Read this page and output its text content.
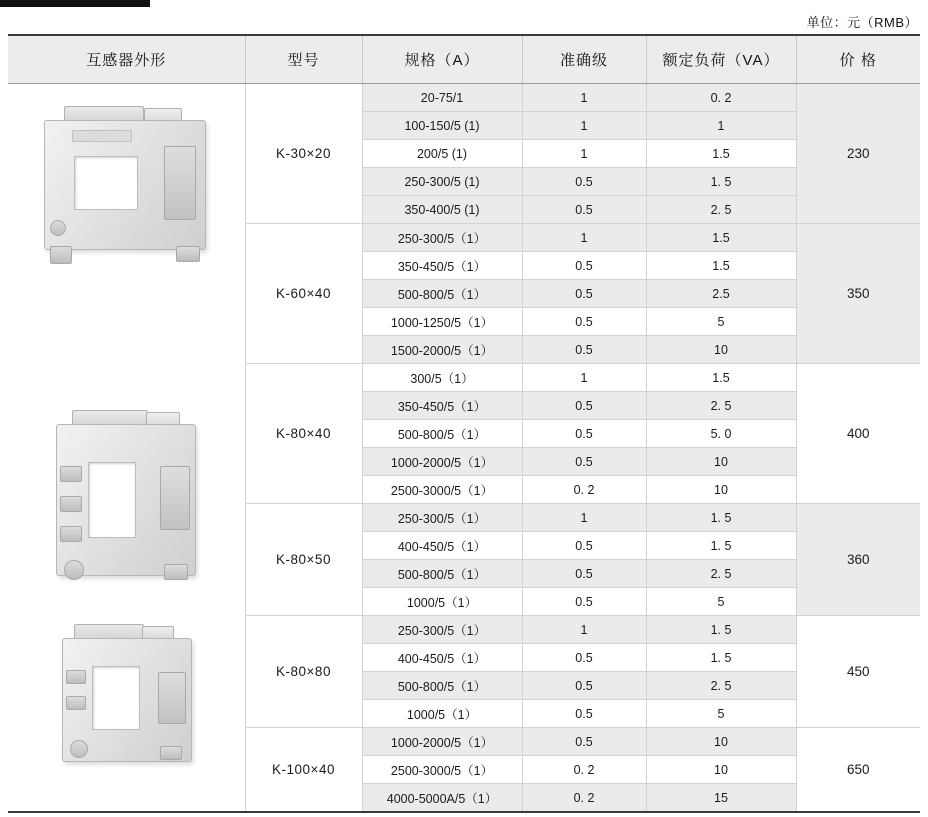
单位：元（RMB）
互感器外形	型号	规格（A）	准确级	额定负荷（VA）	价 格

	K-30×20	20-75/1	1	0. 2	230
		100-150/5 (1)	1	1	
		200/5 (1)	1	1.5	
		250-300/5 (1)	0.5	1. 5	
		350-400/5 (1)	0.5	2. 5	
	K-60×40	250-300/5（1）	1	1.5	350
		350-450/5（1）	0.5	1.5	
		500-800/5（1）	0.5	2.5	
		1000-1250/5（1）	0.5	5	
		1500-2000/5（1）	0.5	10	
	K-80×40	300/5（1）	1	1.5	400
		350-450/5（1）	0.5	2. 5	
		500-800/5（1）	0.5	5. 0	
		1000-2000/5（1）	0.5	10	
		2500-3000/5（1）	0. 2	10	
	K-80×50	250-300/5（1）	1	1. 5	360
		400-450/5（1）	0.5	1. 5	
		500-800/5（1）	0.5	2. 5	
		1000/5（1）	0.5	5	
	K-80×80	250-300/5（1）	1	1. 5	450
		400-450/5（1）	0.5	1. 5	
		500-800/5（1）	0.5	2. 5	
		1000/5（1）	0.5	5	
	K-100×40	1000-2000/5（1）	0.5	10	650
		2500-3000/5（1）	0. 2	10	
		4000-5000A/5（1）	0. 2	15	
